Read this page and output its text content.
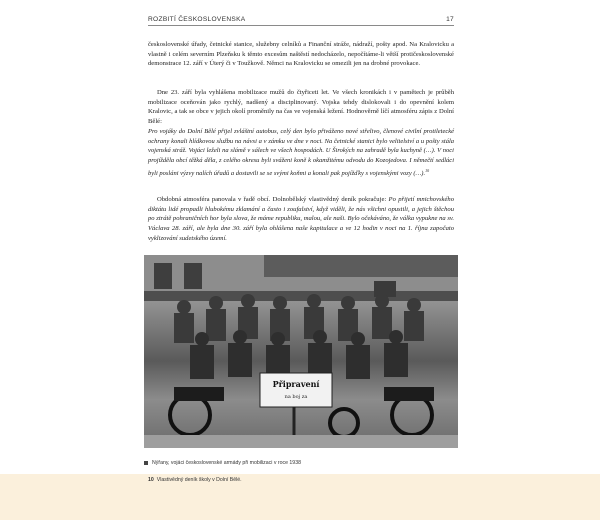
ROZBITÍ ČESKOSLOVENSKA	17

československé úřady, četnické stanice, služebny celníků a Finanční stráže, nádraží, pošty apod. Na Kralovicku a vlastně i celém severním Plzeňsku k těmto excesům naštěstí nedocházelo, nepočítáme-li větší protičeskoslovenské demonstrace 12. září v Úterý či v Toužkově. Němci na Kralovicku se omezili jen na drobné provokace.

Dne 23. září byla vyhlášena mobilizace mužů do čtyřiceti let. Ve všech kronikách i v pamětech je průběh mobilizace oceňován jako rychlý, nadšený a disciplinovaný. Vojska tehdy dislokovali i do opevnění kolem Kralovic, a tak se obce v jejich okolí proměnily na čas ve vojenská ležení. Hodnověrně líčí atmosféru zápis z Dolní Bělé:

Pro vojáky do Dolní Bělé přijel zvláštní autobus, celý den bylo přiváženo nové střelivo, členové civilní protiletecké ochrany konali hlídkovou službu na návsi a v zámku ve dne v noci. Na četnické stanici bylo velitelství a u pošty stála vojenská stráž. Vojáci leželi na slámě v sálech ve všech hospodách. U Širokých na zahradě byla kuchyně (…). V noci projížděla obcí těžká děla, z celého okresu byli sváženi koně k okamžitému odvodu do Kozojedova. I němečtí sedláci byli posláni výzvy nalích úřadů a dostavili se se svými koňmi a konali pak pojížďky s vojenskými vozy (…).$^{10}$

Obdobná atmosféra panovala v řadě obcí. Dolnobělský vlastivědný deník pokračuje: Po přijetí mnichovského diktátu lidé propadli hlubokému zklamání a často i zoufalství, když viděli, že nás všichni opustili, a jejich štěchou po ztrátě pohraničních hor byla slova, že máme republiku, malou, ale naši. Bylo očekáváno, že válka vypukne na sv. Václava 28. září, ale byla dne 30. září byla ohlášena naše kapitulace a ve 12 hodin v noci na 1. října započato vyklizování sudetského území.

Připravení
na boj za
Nýřany, vojáci československé armády při mobilizaci v roce 1938
10 Vlastivědný deník školy v Dolní Bělé.
